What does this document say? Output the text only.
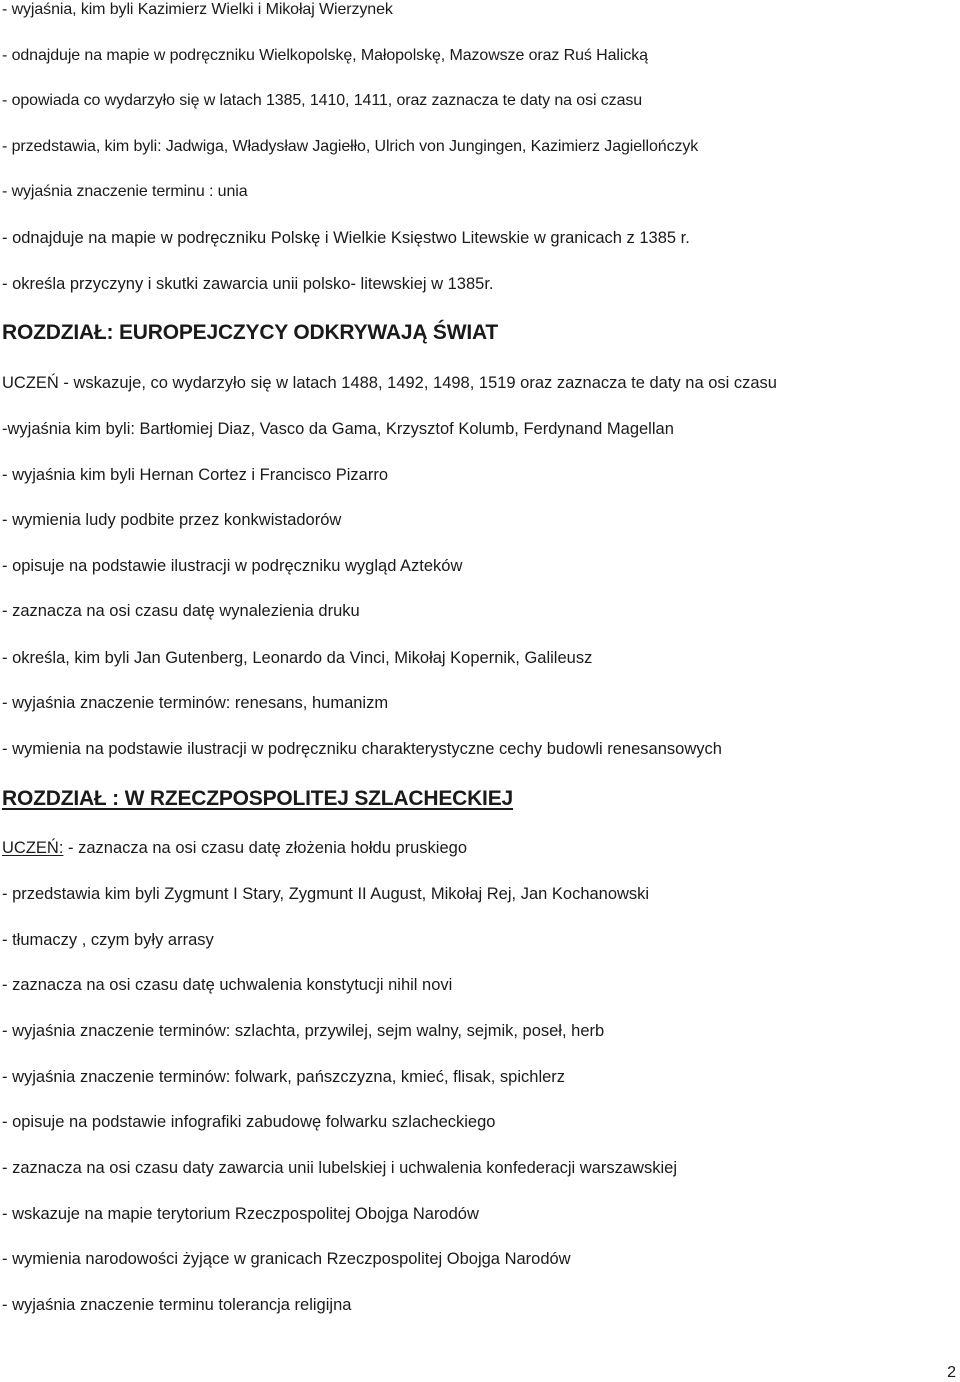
- wyjaśnia, kim byli Kazimierz Wielki i Mikołaj Wierzynek
- odnajduje na mapie w podręczniku Wielkopolskę, Małopolskę, Mazowsze oraz Ruś Halicką
- opowiada co wydarzyło się w latach 1385, 1410, 1411, oraz zaznacza te daty na osi czasu
- przedstawia, kim byli: Jadwiga, Władysław Jagiełło, Ulrich von Jungingen, Kazimierz Jagiellończyk
- wyjaśnia znaczenie terminu : unia
- odnajduje na mapie w podręczniku Polskę i Wielkie Księstwo Litewskie w granicach z 1385 r.
- określa przyczyny i skutki zawarcia unii polsko- litewskiej w 1385r.
ROZDZIAŁ: EUROPEJCZYCY ODKRYWAJĄ ŚWIAT
UCZEŃ - wskazuje, co wydarzyło się w latach 1488, 1492, 1498, 1519 oraz zaznacza te daty na osi czasu
-wyjaśnia kim byli: Bartłomiej Diaz, Vasco da Gama, Krzysztof Kolumb, Ferdynand Magellan
- wyjaśnia kim byli Hernan Cortez i Francisco Pizarro
- wymienia ludy podbite przez konkwistadorów
- opisuje na podstawie ilustracji w podręczniku wygląd Azteków
- zaznacza na osi czasu datę wynalezienia druku
- określa, kim byli Jan Gutenberg, Leonardo da Vinci, Mikołaj Kopernik, Galileusz
- wyjaśnia znaczenie terminów: renesans, humanizm
- wymienia na podstawie ilustracji w podręczniku charakterystyczne cechy budowli renesansowych
ROZDZIAŁ : W RZECZPOSPOLITEJ SZLACHECKIEJ
UCZEŃ: - zaznacza na osi czasu datę złożenia hołdu pruskiego
- przedstawia kim byli Zygmunt I Stary, Zygmunt II August, Mikołaj Rej, Jan Kochanowski
- tłumaczy , czym były arrasy
- zaznacza na osi czasu datę uchwalenia konstytucji nihil novi
- wyjaśnia znaczenie terminów: szlachta, przywilej, sejm walny, sejmik, poseł, herb
- wyjaśnia znaczenie terminów: folwark, pańszczyzna, kmieć, flisak, spichlerz
- opisuje na podstawie infografiki zabudowę folwarku szlacheckiego
- zaznacza na osi czasu daty zawarcia unii lubelskiej i uchwalenia konfederacji warszawskiej
- wskazuje na mapie terytorium Rzeczpospolitej Obojga Narodów
- wymienia narodowości żyjące w granicach Rzeczpospolitej Obojga Narodów
- wyjaśnia znaczenie terminu tolerancja religijna
2
